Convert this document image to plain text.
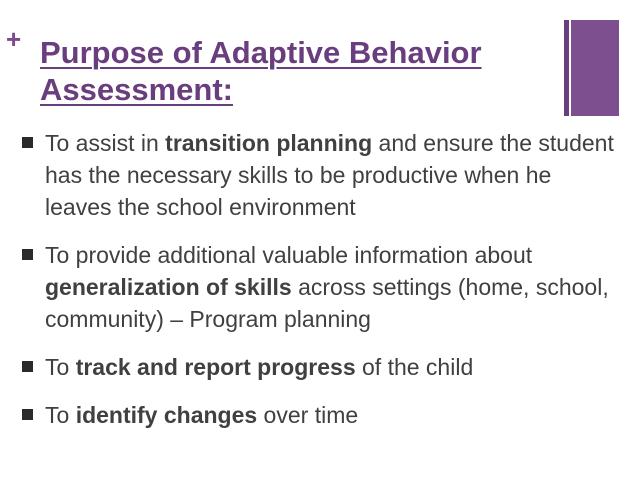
+ Purpose of Adaptive Behavior Assessment:
To assist in transition planning and ensure the student has the necessary skills to be productive when he leaves the school environment
To provide additional valuable information about generalization of skills across settings (home, school, community) – Program planning
To track and report progress of the child
To identify changes over time
